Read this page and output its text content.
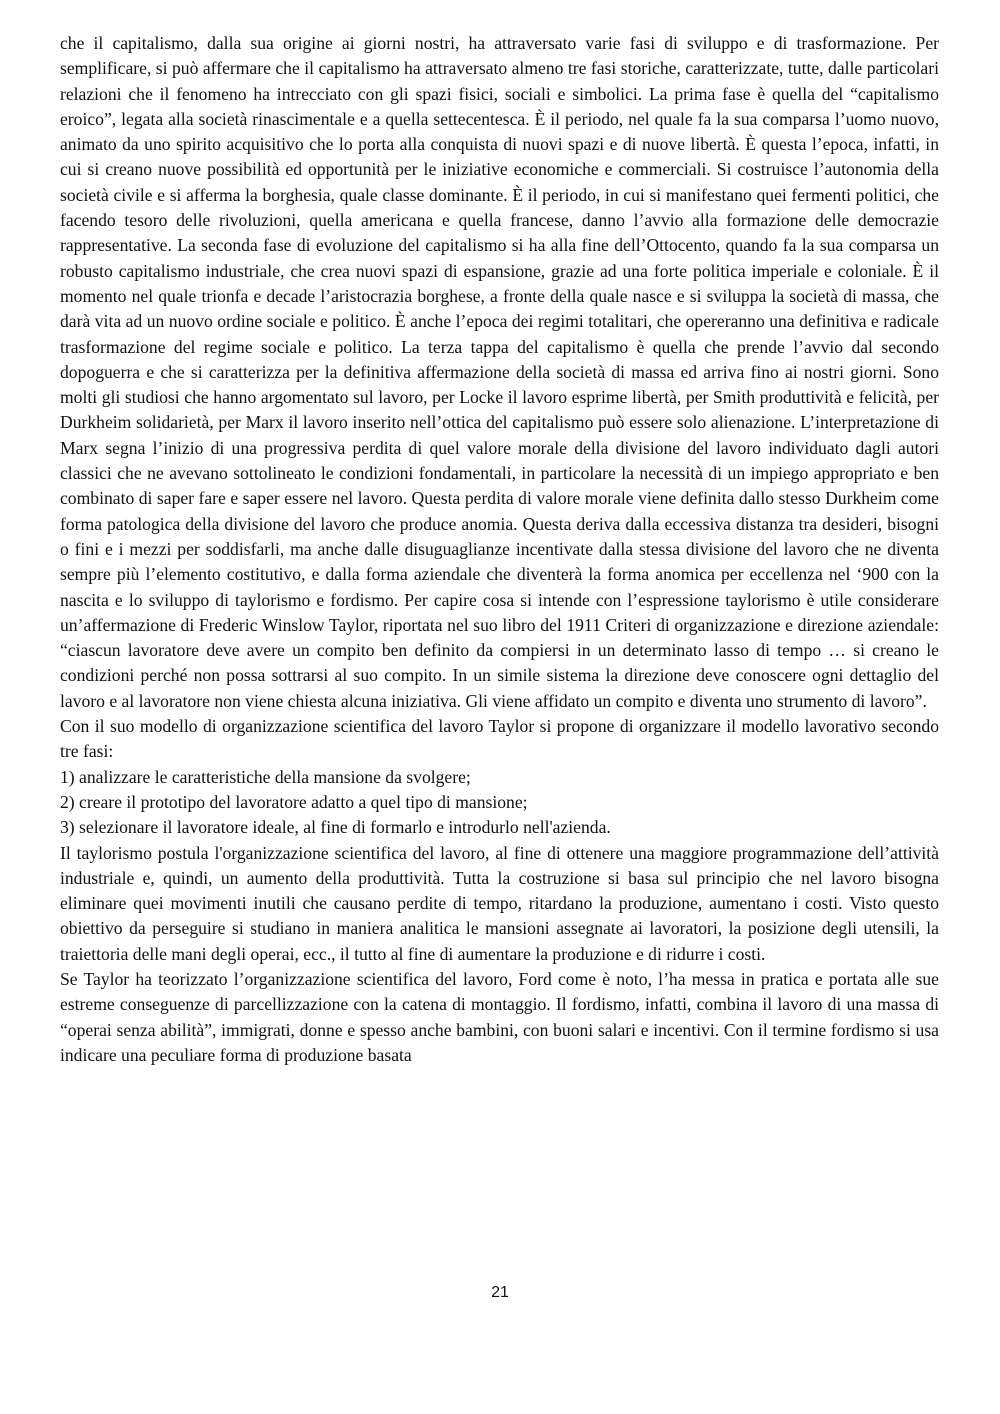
che il capitalismo, dalla sua origine ai giorni nostri, ha attraversato varie fasi di sviluppo e di trasformazione. Per semplificare, si può affermare che il capitalismo ha attraversato almeno tre fasi storiche, caratterizzate, tutte, dalle particolari relazioni che il fenomeno ha intrecciato con gli spazi fisici, sociali e simbolici. La prima fase è quella del “capitalismo eroico”, legata alla società rinascimentale e a quella settecentesca. È il periodo, nel quale fa la sua comparsa l’uomo nuovo, animato da uno spirito acquisitivo che lo porta alla conquista di nuovi spazi e di nuove libertà. È questa l’epoca, infatti, in cui si creano nuove possibilità ed opportunità per le iniziative economiche e commerciali. Si costruisce l’autonomia della società civile e si afferma la borghesia, quale classe dominante. È il periodo, in cui si manifestano quei fermenti politici, che facendo tesoro delle rivoluzioni, quella americana e quella francese, danno l’avvio alla formazione delle democrazie rappresentative. La seconda fase di evoluzione del capitalismo si ha alla fine dell’Ottocento, quando fa la sua comparsa un robusto capitalismo industriale, che crea nuovi spazi di espansione, grazie ad una forte politica imperiale e coloniale. È il momento nel quale trionfa e decade l’aristocrazia borghese, a fronte della quale nasce e si sviluppa la società di massa, che darà vita ad un nuovo ordine sociale e politico. È anche l’epoca dei regimi totalitari, che opereranno una definitiva e radicale trasformazione del regime sociale e politico. La terza tappa del capitalismo è quella che prende l’avvio dal secondo dopoguerra e che si caratterizza per la definitiva affermazione della società di massa ed arriva fino ai nostri giorni. Sono molti gli studiosi che hanno argomentato sul lavoro, per Locke il lavoro esprime libertà, per Smith produttività e felicità, per Durkheim solidarietà, per Marx il lavoro inserito nell’ottica del capitalismo può essere solo alienazione. L’interpretazione di Marx segna l’inizio di una progressiva perdita di quel valore morale della divisione del lavoro individuato dagli autori classici che ne avevano sottolineato le condizioni fondamentali, in particolare la necessità di un impiego appropriato e ben combinato di saper fare e saper essere nel lavoro. Questa perdita di valore morale viene definita dallo stesso Durkheim come forma patologica della divisione del lavoro che produce anomia. Questa deriva dalla eccessiva distanza tra desideri, bisogni o fini e i mezzi per soddisfarli, ma anche dalle disuguaglianze incentivate dalla stessa divisione del lavoro che ne diventa sempre più l’elemento costitutivo, e dalla forma aziendale che diventerà la forma anomica per eccellenza nel ‘900 con la nascita e lo sviluppo di taylorismo e fordismo. Per capire cosa si intende con l’espressione taylorismo è utile considerare un’affermazione di Frederic Winslow Taylor, riportata nel suo libro del 1911 Criteri di organizzazione e direzione aziendale: “ciascun lavoratore deve avere un compito ben definito da compiersi in un determinato lasso di tempo … si creano le condizioni perché non possa sottrarsi al suo compito. In un simile sistema la direzione deve conoscere ogni dettaglio del lavoro e al lavoratore non viene chiesta alcuna iniziativa. Gli viene affidato un compito e diventa uno strumento di lavoro”.

Con il suo modello di organizzazione scientifica del lavoro Taylor si propone di organizzare il modello lavorativo secondo tre fasi:

1) analizzare le caratteristiche della mansione da svolgere;

2) creare il prototipo del lavoratore adatto a quel tipo di mansione;

3) selezionare il lavoratore ideale, al fine di formarlo e introdurlo nell'azienda.

Il taylorismo postula l'organizzazione scientifica del lavoro, al fine di ottenere una maggiore programmazione dell’attività industriale e, quindi, un aumento della produttività. Tutta la costruzione si basa sul principio che nel lavoro bisogna eliminare quei movimenti inutili che causano perdite di tempo, ritardano la produzione, aumentano i costi. Visto questo obiettivo da perseguire si studiano in maniera analitica le mansioni assegnate ai lavoratori, la posizione degli utensili, la traiettoria delle mani degli operai, ecc., il tutto al fine di aumentare la produzione e di ridurre i costi.

Se Taylor ha teorizzato l’organizzazione scientifica del lavoro, Ford come è noto, l’ha messa in pratica e portata alle sue estreme conseguenze di parcellizzazione con la catena di montaggio. Il fordismo, infatti, combina il lavoro di una massa di “operai senza abilità”, immigrati, donne e spesso anche bambini, con buoni salari e incentivi. Con il termine fordismo si usa indicare una peculiare forma di produzione basata

21
